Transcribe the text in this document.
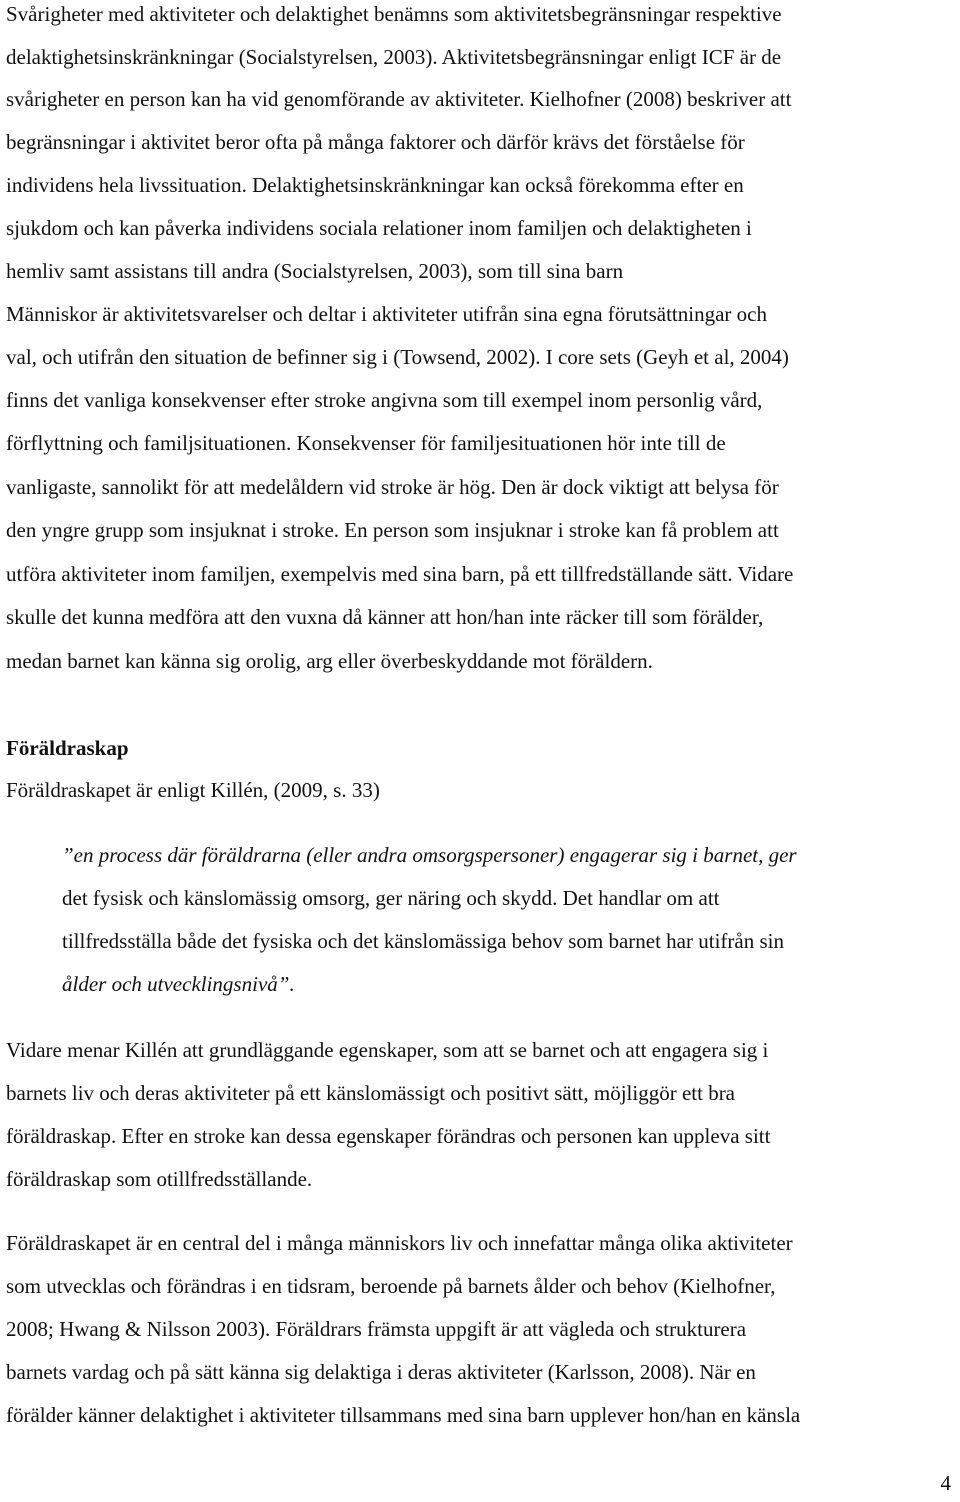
Svårigheter med aktiviteter och delaktighet benämns som aktivitetsbegränsningar respektive

delaktighetsinskränkningar (Socialstyrelsen, 2003). Aktivitetsbegränsningar enligt ICF är de

svårigheter en person kan ha vid genomförande av aktiviteter. Kielhofner (2008) beskriver att

begränsningar i aktivitet beror ofta på många faktorer och därför krävs det förståelse för

individens hela livssituation. Delaktighetsinskränkningar kan också förekomma efter en

sjukdom och kan påverka individens sociala relationer inom familjen och delaktigheten i

hemliv samt assistans till andra (Socialstyrelsen, 2003), som till sina barn

Människor är aktivitetsvarelser och deltar i aktiviteter utifrån sina egna förutsättningar och

val, och utifrån den situation de befinner sig i (Towsend, 2002). I core sets (Geyh et al, 2004)

finns det vanliga konsekvenser efter stroke angivna som till exempel inom personlig vård,

förflyttning och familjsituationen. Konsekvenser för familjesituationen hör inte till de

vanligaste, sannolikt för att medelåldern vid stroke är hög. Den är dock viktigt att belysa för

den yngre grupp som insjuknat i stroke. En person som insjuknar i stroke kan få problem att

utföra aktiviteter inom familjen, exempelvis med sina barn, på ett tillfredställande sätt. Vidare

skulle det kunna medföra att den vuxna då känner att hon/han inte räcker till som förälder,

medan barnet kan känna sig orolig, arg eller överbeskyddande mot föräldern.

Föräldraskap

Föräldraskapet är enligt Killén, (2009, s. 33)

”en process där föräldrarna (eller andra omsorgspersoner) engagerar sig i barnet, ger

det fysisk och känslomässig omsorg, ger näring och skydd. Det handlar om att

tillfredsställa både det fysiska och det känslomässiga behov som barnet har utifrån sin

ålder och utvecklingsnivå”.

Vidare menar Killén att grundläggande egenskaper, som att se barnet och att engagera sig i

barnets liv och deras aktiviteter på ett känslomässigt och positivt sätt, möjliggör ett bra

föräldraskap. Efter en stroke kan dessa egenskaper förändras och personen kan uppleva sitt

föräldraskap som otillfredsställande.

Föräldraskapet är en central del i många människors liv och innefattar många olika aktiviteter

som utvecklas och förändras i en tidsram, beroende på barnets ålder och behov (Kielhofner,

2008; Hwang & Nilsson 2003). Föräldrars främsta uppgift är att vägleda och strukturera

barnets vardag och på sätt känna sig delaktiga i deras aktiviteter (Karlsson, 2008). När en

förälder känner delaktighet i aktiviteter tillsammans med sina barn upplever hon/han en känsla

4
